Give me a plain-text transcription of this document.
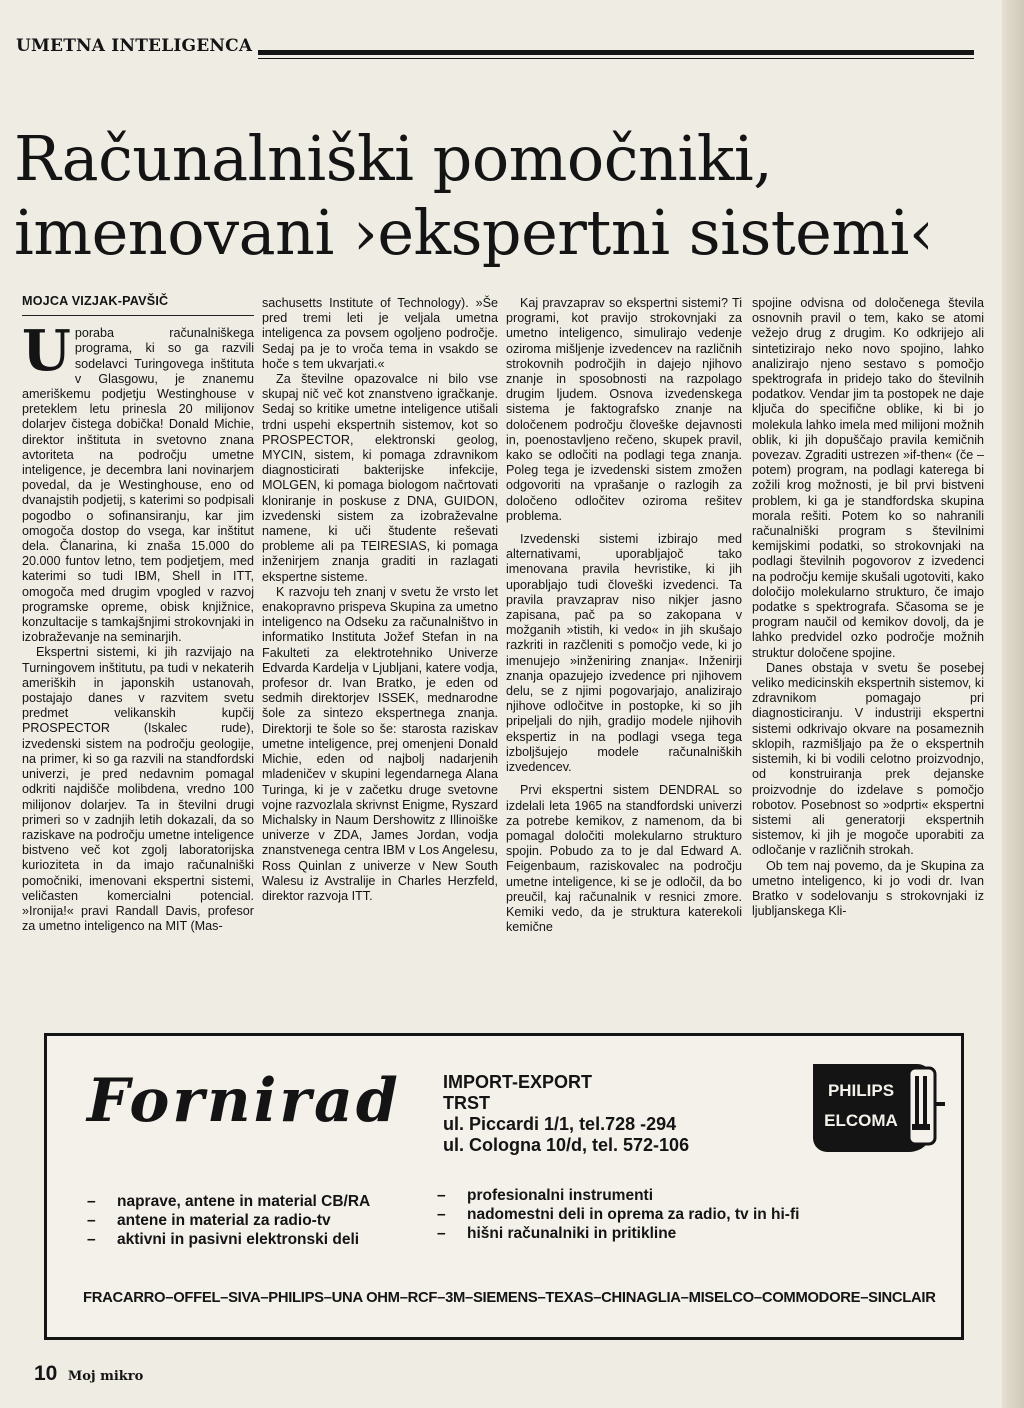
UMETNA INTELIGENCA
Računalniški pomočniki,
imenovani ›ekspertni sistemi‹
MOJCA VIZJAK-PAVŠIČ

Uporaba računalniškega programa, ki so ga razvili sodelavci Turingovega inštituta v Glasgowu, je znanemu ameriškemu podjetju Westinghouse v preteklem letu prinesla 20 milijonov dolarjev čistega dobička! Donald Michie, direktor inštituta in svetovno znana avtoriteta na področju umetne inteligence, je decembra lani novinarjem povedal, da je Westinghouse, eno od dvanajstih podjetij, s katerimi so podpisali pogodbo o sofinansiranju, kar jim omogoča dostop do vsega, kar inštitut dela. Članarina, ki znaša 15.000 do 20.000 funtov letno, tem podjetjem, med katerimi so tudi IBM, Shell in ITT, omogoča med drugim vpogled v razvoj programske opreme, obisk knjižnice, konzultacije s tamkajšnjimi strokovnjaki in izobraževanje na seminarjih.

Ekspertni sistemi, ki jih razvijajo na Turningovem inštitutu, pa tudi v nekaterih ameriških in japonskih ustanovah, postajajo danes v razvitem svetu predmet velikanskih kupčij PROSPECTOR (Iskalec rude), izvedenski sistem na področju geologije, na primer, ki so ga razvili na standfordski univerzi, je pred nedavnim pomagal odkriti najdišče molibdena, vredno 100 milijonov dolarjev. Ta in številni drugi primeri so v zadnjih letih dokazali, da so raziskave na področju umetne inteligence bistveno več kot zgolj laboratorijska kurioziteta in da imajo računalniški pomočniki, imenovani ekspertni sistemi, veličasten komercialni potencial. »Ironija!« pravi Randall Davis, profesor za umetno inteligenco na MIT (Mas-

sachusetts Institute of Technology). »Še pred tremi leti je veljala umetna inteligenca za povsem ogoljeno področje. Sedaj pa je to vroča tema in vsakdo se hoče s tem ukvarjati.«

Za številne opazovalce ni bilo vse skupaj nič več kot znanstveno igračkanje. Sedaj so kritike umetne inteligence utišali trdni uspehi ekspertnih sistemov, kot so PROSPECTOR, elektronski geolog, MYCIN, sistem, ki pomaga zdravnikom diagnosticirati bakterijske infekcije, MOLGEN, ki pomaga biologom načrtovati kloniranje in poskuse z DNA, GUIDON, izvedenski sistem za izobraževalne namene, ki uči študente reševati probleme ali pa TEIRESIAS, ki pomaga inženirjem znanja graditi in razlagati ekspertne sisteme.

K razvoju teh znanj v svetu že vrsto let enakopravno prispeva Skupina za umetno inteligenco na Odseku za računalništvo in informatiko Instituta Jožef Stefan in na Fakulteti za elektrotehniko Univerze Edvarda Kardelja v Ljubljani, katere vodja, profesor dr. Ivan Bratko, je eden od sedmih direktorjev ISSEK, mednarodne šole za sintezo ekspertnega znanja. Direktorji te šole so še: starosta raziskav umetne inteligence, prej omenjeni Donald Michie, eden od najbolj nadarjenih mladeničev v skupini legendarnega Alana Turinga, ki je v začetku druge svetovne vojne razvozlala skrivnst Enigme, Ryszard Michalsky in Naum Dershowitz z Illinoiške univerze v ZDA, James Jordan, vodja znanstvenega centra IBM v Los Angelesu, Ross Quinlan z univerze v New South Walesu iz Avstralije in Charles Herzfeld, direktor razvoja ITT.

Kaj pravzaprav so ekspertni sistemi? Ti programi, kot pravijo strokovnjaki za umetno inteligenco, simulirajo vedenje oziroma mišljenje izvedencev na različnih strokovnih področjih in dajejo njihovo znanje in sposobnosti na razpolago drugim ljudem. Osnova izvedenskega sistema je faktografsko znanje na določenem področju človeške dejavnosti in, poenostavljeno rečeno, skupek pravil, kako se odločiti na podlagi tega znanja. Poleg tega je izvedenski sistem zmožen odgovoriti na vprašanje o razlogih za določeno odločitev oziroma rešitev problema.

Izvedenski sistemi izbirajo med alternativami, uporabljajoč tako imenovana pravila hevristike, ki jih uporabljajo tudi človeški izvedenci. Ta pravila pravzaprav niso nikjer jasno zapisana, pač pa so zakopana v možganih »tistih, ki vedo« in jih skušajo razkriti in razčleniti s pomočjo vede, ki jo imenujejo »inženiring znanja«. Inženirji znanja opazujejo izvedence pri njihovem delu, se z njimi pogovarjajo, analizirajo njihove odločitve in postopke, ki so jih pripeljali do njih, gradijo modele njihovih ekspertiz in na podlagi vsega tega izboljšujejo modele računalniških izvedencev.

Prvi ekspertni sistem DENDRAL so izdelali leta 1965 na standfordski univerzi za potrebe kemikov, z namenom, da bi pomagal določiti molekularno strukturo spojin. Pobudo za to je dal Edward A. Feigenbaum, raziskovalec na področju umetne inteligence, ki se je odločil, da bo preučil, kaj računalnik v resnici zmore. Kemiki vedo, da je struktura katerekoli kemične

spojine odvisna od določenega števila osnovnih pravil o tem, kako se atomi vežejo drug z drugim. Ko odkrijejo ali sintetizirajo neko novo spojino, lahko analizirajo njeno sestavo s pomočjo spektrografa in pridejo tako do številnih podatkov. Vendar jim ta postopek ne daje ključa do specifične oblike, ki bi jo molekula lahko imela med milijoni možnih oblik, ki jih dopuščajo pravila kemičnih povezav. Zgraditi ustrezen »if-then« (če – potem) program, na podlagi katerega bi zožili krog možnosti, je bil prvi bistveni problem, ki ga je standfordska skupina morala rešiti. Potem ko so nahranili računalniški program s številnimi kemijskimi podatki, so strokovnjaki na podlagi številnih pogovorov z izvedenci na področju kemije skušali ugotoviti, kako določijo molekularno strukturo, če imajo podatke s spektrografa. Sčasoma se je program naučil od kemikov dovolj, da je lahko predvidel ozko področje možnih struktur določene spojine.

Danes obstaja v svetu še posebej veliko medicinskih ekspertnih sistemov, ki zdravnikom pomagajo pri diagnosticiranju. V industriji ekspertni sistemi odkrivajo okvare na posameznih sklopih, razmišljajo pa že o ekspertnih sistemih, ki bi vodili celotno proizvodnjo, od konstruiranja prek dejanske proizvodnje do izdelave s pomočjo robotov. Posebnost so »odprti« ekspertni sistemi ali generatorji ekspertnih sistemov, ki jih je mogoče uporabiti za odločanje v različnih strokah.

Ob tem naj povemo, da je Skupina za umetno inteligenco, ki jo vodi dr. Ivan Bratko v sodelovanju s strokovnjaki iz ljubljanskega Kli-

Fornirad IMPORT-EXPORT
TRST
ul. Piccardi 1/1, tel.728 -294
ul. Cologna 10/d, tel. 572-106
PHILIPS
ELCOMA
– naprave, antene in material CB/RA
– antene in material za radio-tv
– aktivni in pasivni elektronski deli
– profesionalni instrumenti
– nadomestni deli in oprema za radio, tv in hi-fi
– hišni računalniki in pritikline
FRACARRO–OFFEL–SIVA–PHILIPS–UNA OHM–RCF–3M–SIEMENS–TEXAS–CHINAGLIA–MISELCO–COMMODORE–SINCLAIR
10 Moj mikro
